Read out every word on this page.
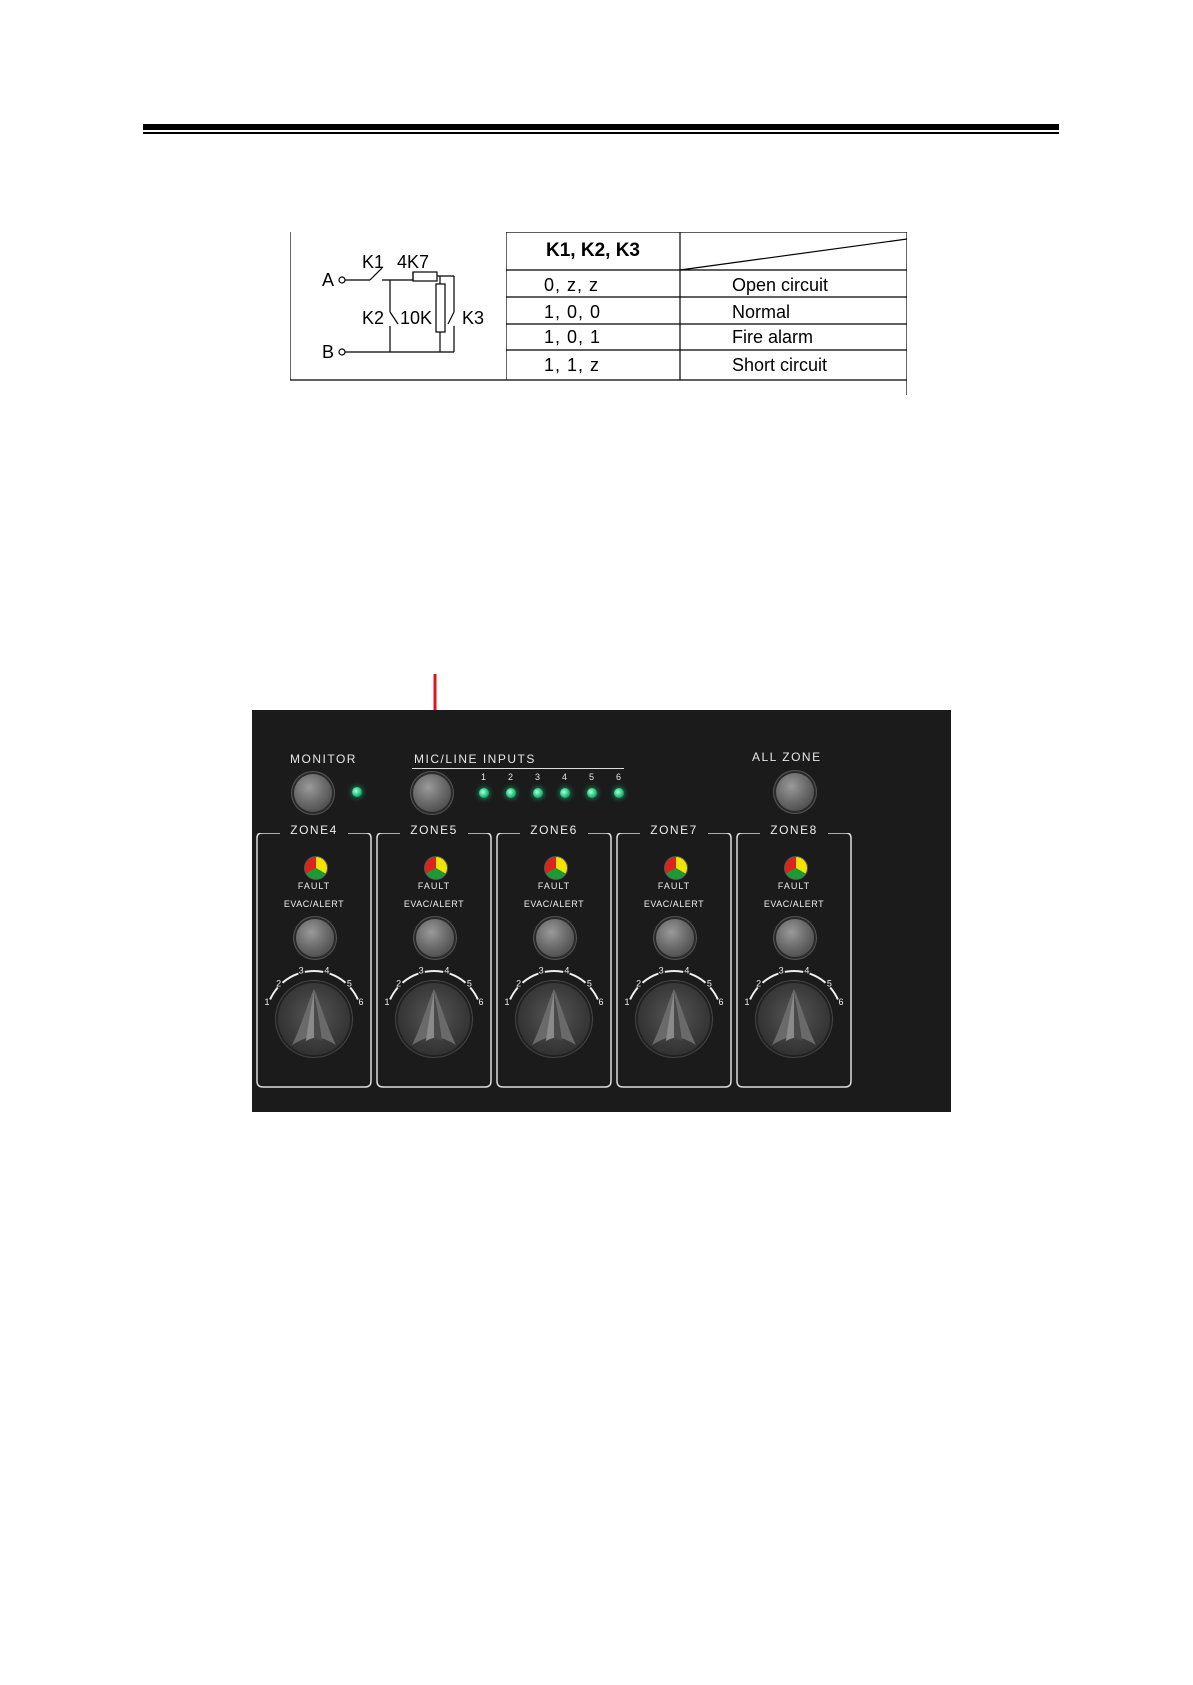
A
B
K1 4K7
K2 10K K3
K1, K2, K3
0, z, z	Open circuit
1, 0, 0	Normal
1, 0, 1	Fire alarm
1, 1, z	Short circuit
MONITOR	MIC/LINE INPUTS
1 2 3 4 5 6
ALL ZONE
ZONE4
FAULT
EVAC/ALERT
1
2
3 4
5
6
ZONE5
FAULT
EVAC/ALERT
1
2
3 4
5
6
ZONE6
FAULT
EVAC/ALERT
1
2
3 4
5
6
ZONE7
FAULT
EVAC/ALERT
1
2
3 4
5
6
ZONE8
FAULT
EVAC/ALERT
1
2
3 4
5
6
